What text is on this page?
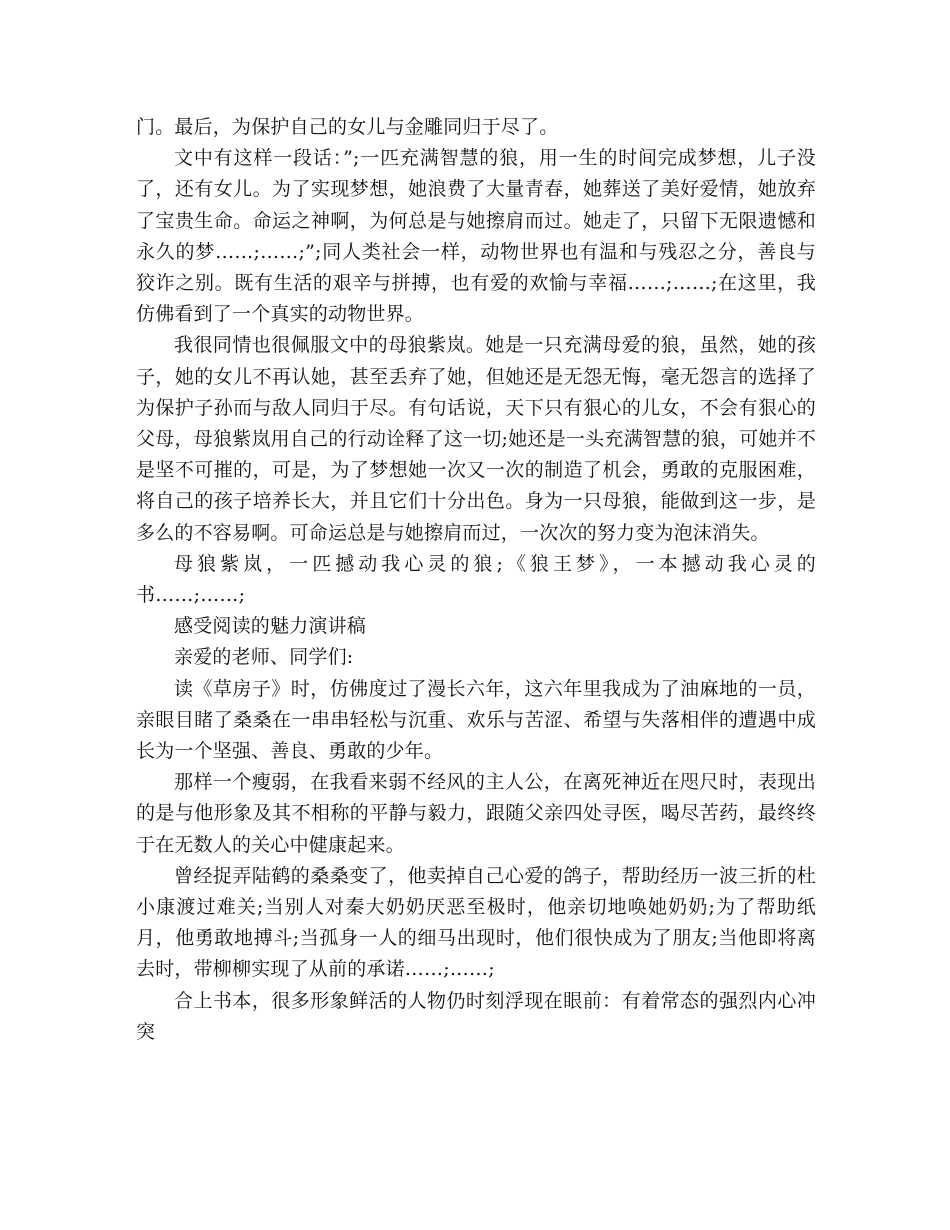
门。最后，为保护自己的女儿与金雕同归于尽了。

文中有这样一段话：”;一匹充满智慧的狼，用一生的时间完成梦想，儿子没了，还有女儿。为了实现梦想，她浪费了大量青春，她葬送了美好爱情，她放弃了宝贵生命。命运之神啊，为何总是与她擦肩而过。她走了，只留下无限遗憾和永久的梦……;……;”;同人类社会一样，动物世界也有温和与残忍之分，善良与狡诈之别。既有生活的艰辛与拼搏，也有爱的欢愉与幸福……;……;在这里，我仿佛看到了一个真实的动物世界。

我很同情也很佩服文中的母狼紫岚。她是一只充满母爱的狼，虽然，她的孩子，她的女儿不再认她，甚至丢弃了她，但她还是无怨无悔，毫无怨言的选择了为保护子孙而与敌人同归于尽。有句话说，天下只有狠心的儿女，不会有狠心的父母，母狼紫岚用自己的行动诠释了这一切;她还是一头充满智慧的狼，可她并不是坚不可摧的，可是，为了梦想她一次又一次的制造了机会，勇敢的克服困难，将自己的孩子培养长大，并且它们十分出色。身为一只母狼，能做到这一步，是多么的不容易啊。可命运总是与她擦肩而过，一次次的努力变为泡沫消失。

母狼紫岚，一匹撼动我心灵的狼;《狼王梦》，一本撼动我心灵的书……;……;

感受阅读的魅力演讲稿

亲爱的老师、同学们:

读《草房子》时，仿佛度过了漫长六年，这六年里我成为了油麻地的一员，亲眼目睹了桑桑在一串串轻松与沉重、欢乐与苦涩、希望与失落相伴的遭遇中成长为一个坚强、善良、勇敢的少年。

那样一个瘦弱，在我看来弱不经风的主人公，在离死神近在咫尺时，表现出的是与他形象及其不相称的平静与毅力，跟随父亲四处寻医，喝尽苦药，最终终于在无数人的关心中健康起来。

曾经捉弄陆鹤的桑桑变了，他卖掉自己心爱的鸽子，帮助经历一波三折的杜小康渡过难关;当别人对秦大奶奶厌恶至极时，他亲切地唤她奶奶;为了帮助纸月，他勇敢地搏斗;当孤身一人的细马出现时，他们很快成为了朋友;当他即将离去时，带柳柳实现了从前的承诺……;……;

合上书本，很多形象鲜活的人物仍时刻浮现在眼前：有着常态的强烈内心冲突
